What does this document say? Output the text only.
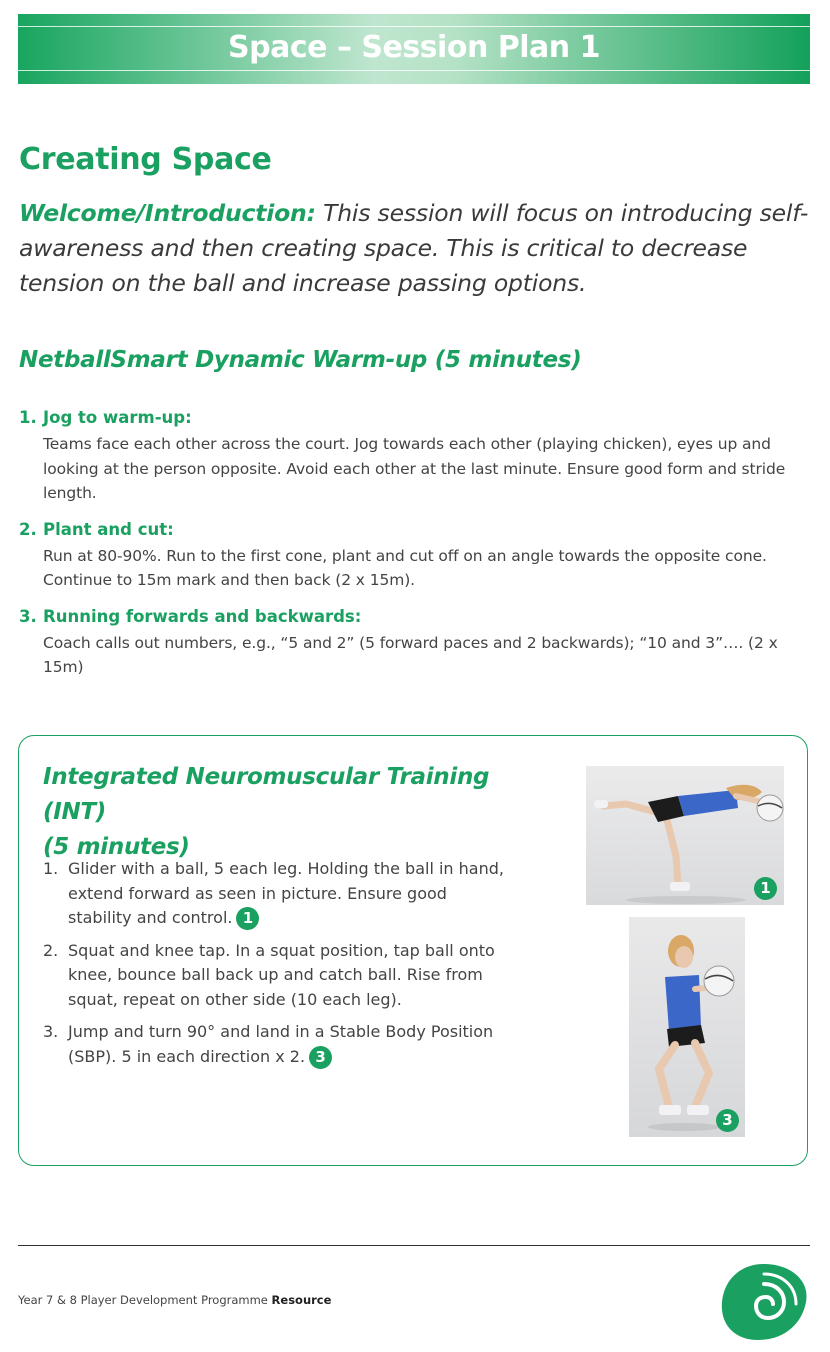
Space – Session Plan 1
Creating Space

Welcome/Introduction: This session will focus on introducing self-awareness and then creating space. This is critical to decrease tension on the ball and increase passing options.

NetballSmart Dynamic Warm-up (5 minutes)
1. Jog to warm-up:
Teams face each other across the court. Jog towards each other (playing chicken), eyes up and looking at the person opposite. Avoid each other at the last minute. Ensure good form and stride length.
2. Plant and cut:
Run at 80-90%. Run to the first cone, plant and cut off on an angle towards the opposite cone. Continue to 15m mark and then back (2 x 15m).
3. Running forwards and backwards:
Coach calls out numbers, e.g., “5 and 2” (5 forward paces and 2 backwards); “10 and 3”…. (2 x 15m)
Integrated Neuromuscular Training (INT)
(5 minutes)
1. Glider with a ball, 5 each leg. Holding the ball in hand, extend forward as seen in picture. Ensure good stability and control. 1
2. Squat and knee tap. In a squat position, tap ball onto knee, bounce ball back up and catch ball. Rise from squat, repeat on other side (10 each leg).
3. Jump and turn 90° and land in a Stable Body Position (SBP). 5 in each direction x 2. 3
1
3
Year 7 & 8 Player Development Programme Resource
